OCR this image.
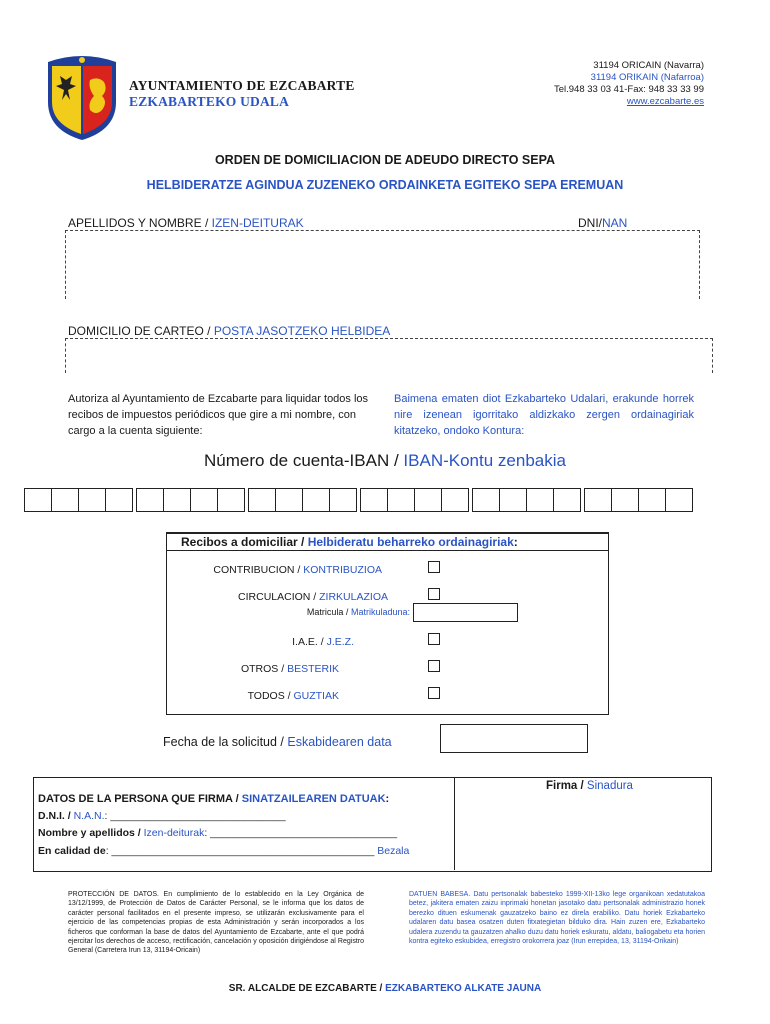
AYUNTAMIENTO DE EZCABARTE
EZKABARTEKO UDALA
31194 ORICAIN (Navarra)
31194 ORIKAIN (Nafarroa)
Tel.948 33 03 41-Fax: 948 33 33 99
www.ezcabarte.es
ORDEN DE DOMICILIACION DE ADEUDO DIRECTO SEPA
HELBIDERATZE AGINDUA ZUZENEKO ORDAINKETA EGITEKO SEPA EREMUAN
APELLIDOS Y NOMBRE / IZEN-DEITURAK	DNI/NAN
DOMICILIO DE CARTEO / POSTA JASOTZEKO HELBIDEA
Autoriza al Ayuntamiento de Ezcabarte para liquidar todos los recibos de impuestos periódicos que gire a mi nombre, con cargo a la cuenta siguiente:
Baimena ematen diot Ezkabarteko Udalari, erakunde horrek nire izenean igorritako aldizkako zergen ordainagiriak kitatzeko, ondoko Kontura:
Número de cuenta-IBAN / IBAN-Kontu zenbakia
Recibos a domiciliar / Helbideratu beharreko ordainagiriak:
CONTRIBUCION / KONTRIBUZIOA
CIRCULACION / ZIRKULAZIOA
Matricula / Matrikuladuna:
I.A.E. / J.E.Z.
OTROS / BESTERIK
TODOS / GUZTIAK
Fecha de la solicitud / Eskabidearen data
Firma / Sinadura
DATOS DE LA PERSONA QUE FIRMA / SINATZAILEAREN DATUAK:
D.N.I. / N.A.N.: ______________________________
Nombre y apellidos / Izen-deiturak: ________________________________
En calidad de: _____________________________________________ Bezala
PROTECCIÓN DE DATOS. En cumplimiento de lo establecido en la Ley Orgánica de 13/12/1999, de Protección de Datos de Carácter Personal, se le informa que los datos de carácter personal facilitados en el presente impreso, se utilizarán exclusivamente para el ejercicio de las competencias propias de esta Administración y serán incorporados a los ficheros que conforman la base de datos del Ayuntamiento de Ezcabarte, ante el que podrá ejercitar los derechos de acceso, rectificación, cancelación y oposición dirigiéndose al Registro General (Carretera Irun 13, 31194-Oricain)
DATUEN BABESA. Datu pertsonalak babesteko 1999-XII-13ko lege organikoan xedatutakoa betez, jakitera ematen zaizu inprimaki honetan jasotako datu pertsonalak administrazio honek berezko dituen eskumenak gauzatzeko baino ez direla erabiliko. Datu horiek Ezkabarteko udalaren datu basea osatzen duten fitxategietan bilduko dira. Hain zuzen ere, Ezkabarteko udalera zuzendu ta gauzatzen ahalko duzu datu horiek eskuratu, aldatu, baliogabetu eta horien kontra egiteko eskubidea, erregistro orokorrera joaz (Irun errepidea, 13, 31194-Orikain)
SR. ALCALDE DE EZCABARTE / EZKABARTEKO ALKATE JAUNA
